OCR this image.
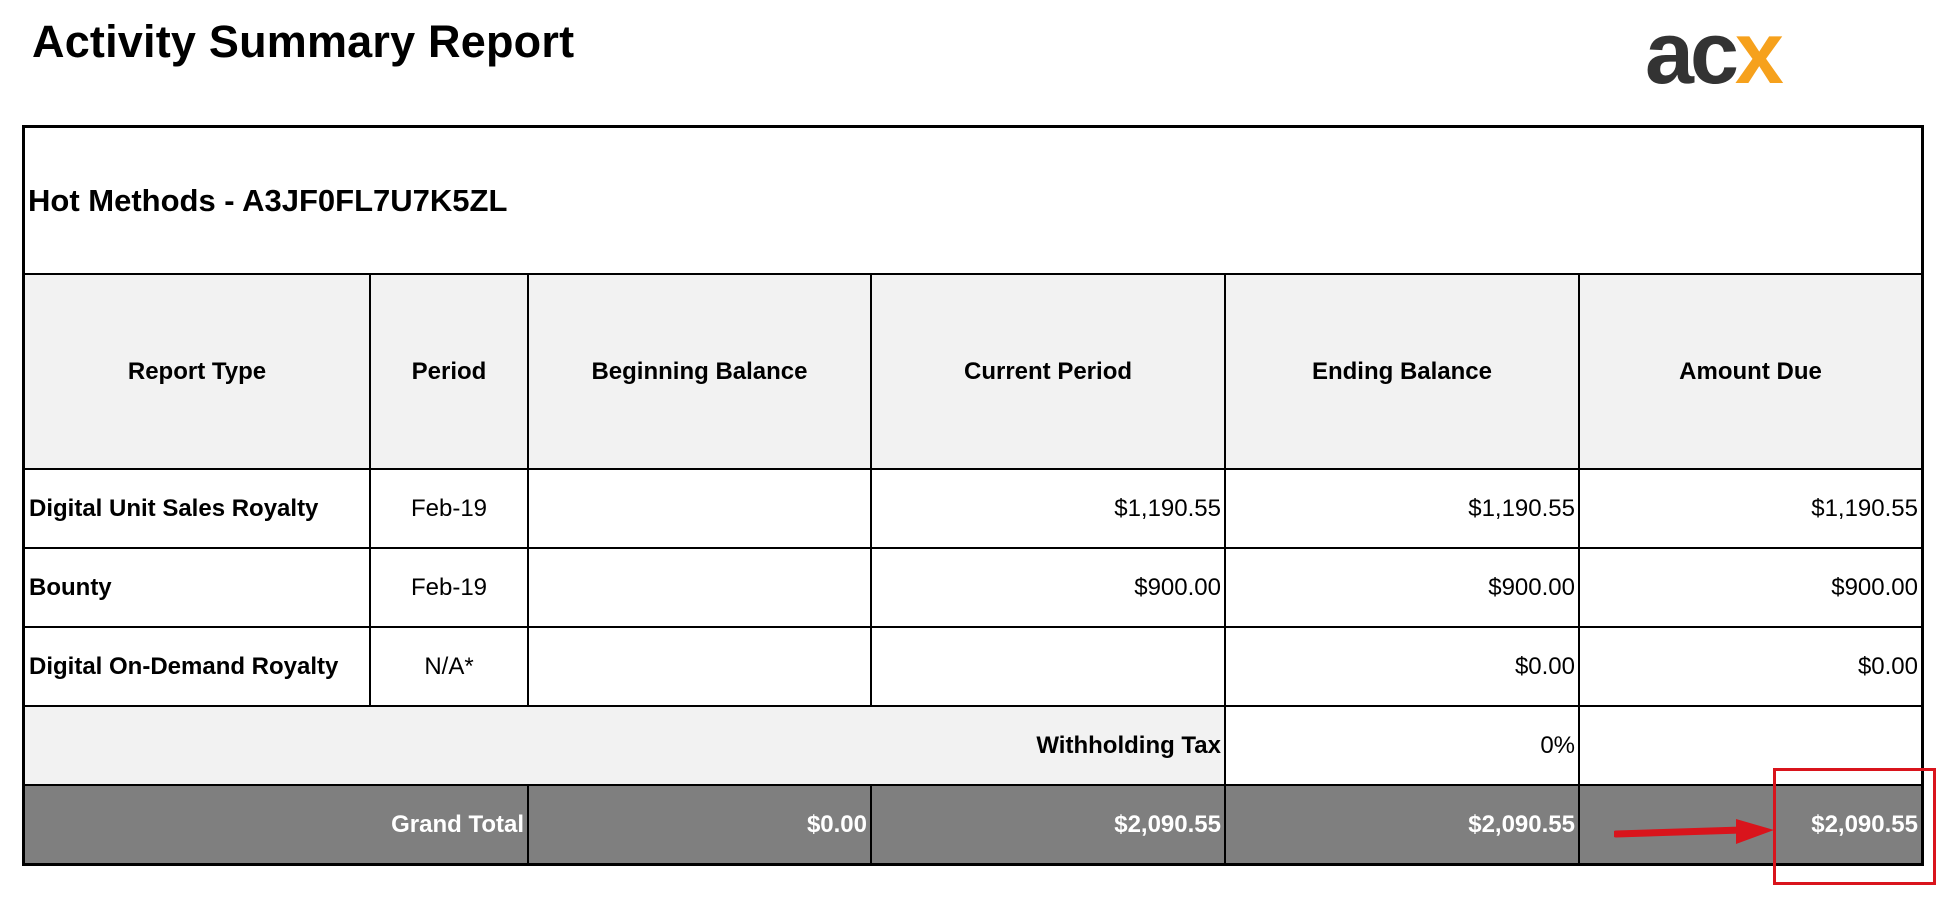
Activity Summary Report	acx
Hot Methods - A3JF0FL7U7K5ZL					
Report Type	Period	Beginning Balance	Current Period	Ending Balance	Amount Due
Digital Unit Sales Royalty	Feb-19		$1,190.55	$1,190.55	$1,190.55
Bounty	Feb-19		$900.00	$900.00	$900.00
Digital On-Demand Royalty	N/A*			$0.00	$0.00
Withholding Tax				0%	
Grand Total		$0.00	$2,090.55	$2,090.55	$2,090.55
